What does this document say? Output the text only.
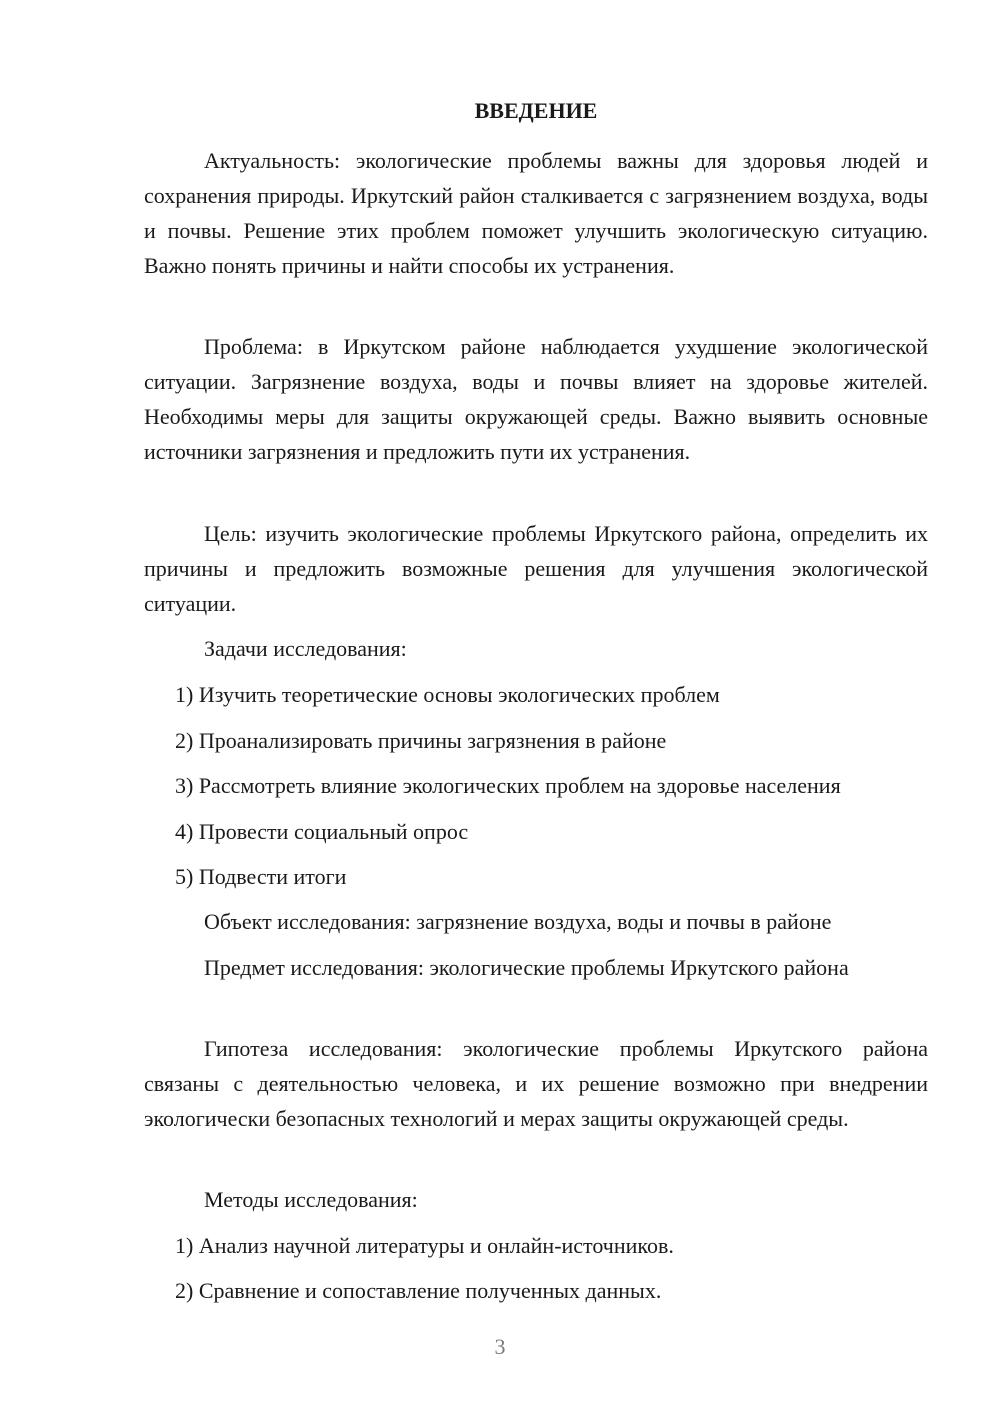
ВВЕДЕНИЕ

Актуальность: экологические проблемы важны для здоровья людей и сохранения природы. Иркутский район сталкивается с загрязнением воздуха, воды и почвы. Решение этих проблем поможет улучшить экологическую ситуацию. Важно понять причины и найти способы их устранения.

Проблема: в Иркутском районе наблюдается ухудшение экологической ситуации. Загрязнение воздуха, воды и почвы влияет на здоровье жителей. Необходимы меры для защиты окружающей среды. Важно выявить основные источники загрязнения и предложить пути их устранения.

Цель: изучить экологические проблемы Иркутского района, определить их причины и предложить возможные решения для улучшения экологической ситуации.

Задачи исследования:

1) Изучить теоретические основы экологических проблем

2) Проанализировать причины загрязнения в районе

3) Рассмотреть влияние экологических проблем на здоровье населения

4) Провести социальный опрос

5) Подвести итоги

Объект исследования: загрязнение воздуха, воды и почвы в районе

Предмет исследования: экологические проблемы Иркутского района

Гипотеза исследования: экологические проблемы Иркутского района связаны с деятельностью человека, и их решение возможно при внедрении экологически безопасных технологий и мерах защиты окружающей среды.

Методы исследования:

1) Анализ научной литературы и онлайн-источников.

2) Сравнение и сопоставление полученных данных.

3
